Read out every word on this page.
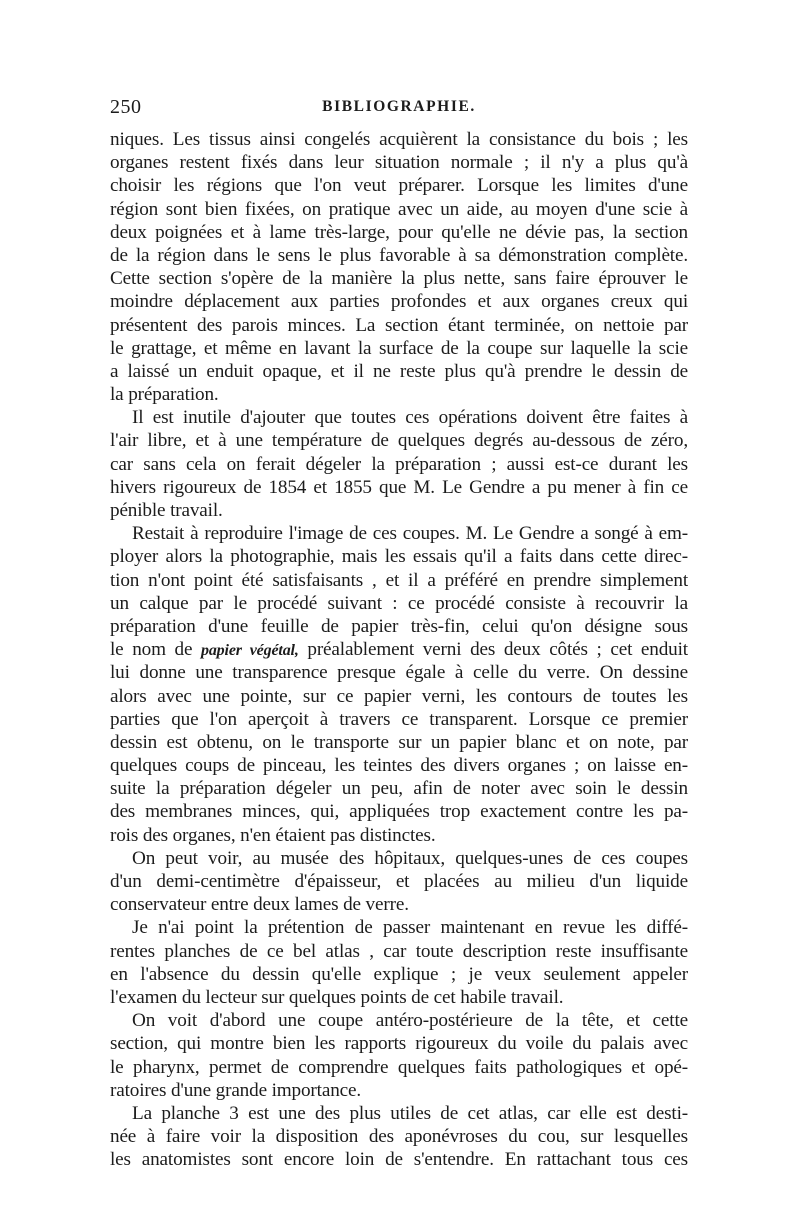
250	BIBLIOGRAPHIE.
niques. Les tissus ainsi congelés acquièrent la consistance du bois ; les
organes restent fixés dans leur situation normale ; il n'y a plus qu'à
choisir les régions que l'on veut préparer. Lorsque les limites d'une
région sont bien fixées, on pratique avec un aide, au moyen d'une scie à
deux poignées et à lame très-large, pour qu'elle ne dévie pas, la section
de la région dans le sens le plus favorable à sa démonstration complète.
Cette section s'opère de la manière la plus nette, sans faire éprouver le
moindre déplacement aux parties profondes et aux organes creux qui
présentent des parois minces. La section étant terminée, on nettoie par
le grattage, et même en lavant la surface de la coupe sur laquelle la scie
a laissé un enduit opaque, et il ne reste plus qu'à prendre le dessin de
la préparation.
Il est inutile d'ajouter que toutes ces opérations doivent être faites à
l'air libre, et à une température de quelques degrés au-dessous de zéro,
car sans cela on ferait dégeler la préparation ; aussi est-ce durant les
hivers rigoureux de 1854 et 1855 que M. Le Gendre a pu mener à fin ce
pénible travail.
Restait à reproduire l'image de ces coupes. M. Le Gendre a songé à em-
ployer alors la photographie, mais les essais qu'il a faits dans cette direc-
tion n'ont point été satisfaisants , et il a préféré en prendre simplement
un calque par le procédé suivant : ce procédé consiste à recouvrir la
préparation d'une feuille de papier très-fin, celui qu'on désigne sous
le nom de papier végétal, préalablement verni des deux côtés ; cet enduit
lui donne une transparence presque égale à celle du verre. On dessine
alors avec une pointe, sur ce papier verni, les contours de toutes les
parties que l'on aperçoit à travers ce transparent. Lorsque ce premier
dessin est obtenu, on le transporte sur un papier blanc et on note, par
quelques coups de pinceau, les teintes des divers organes ; on laisse en-
suite la préparation dégeler un peu, afin de noter avec soin le dessin
des membranes minces, qui, appliquées trop exactement contre les pa-
rois des organes, n'en étaient pas distinctes.
On peut voir, au musée des hôpitaux, quelques-unes de ces coupes
d'un demi-centimètre d'épaisseur, et placées au milieu d'un liquide
conservateur entre deux lames de verre.
Je n'ai point la prétention de passer maintenant en revue les diffé-
rentes planches de ce bel atlas , car toute description reste insuffisante
en l'absence du dessin qu'elle explique ; je veux seulement appeler
l'examen du lecteur sur quelques points de cet habile travail.
On voit d'abord une coupe antéro-postérieure de la tête, et cette
section, qui montre bien les rapports rigoureux du voile du palais avec
le pharynx, permet de comprendre quelques faits pathologiques et opé-
ratoires d'une grande importance.
La planche 3 est une des plus utiles de cet atlas, car elle est desti-
née à faire voir la disposition des aponévroses du cou, sur lesquelles
les anatomistes sont encore loin de s'entendre. En rattachant tous ces
